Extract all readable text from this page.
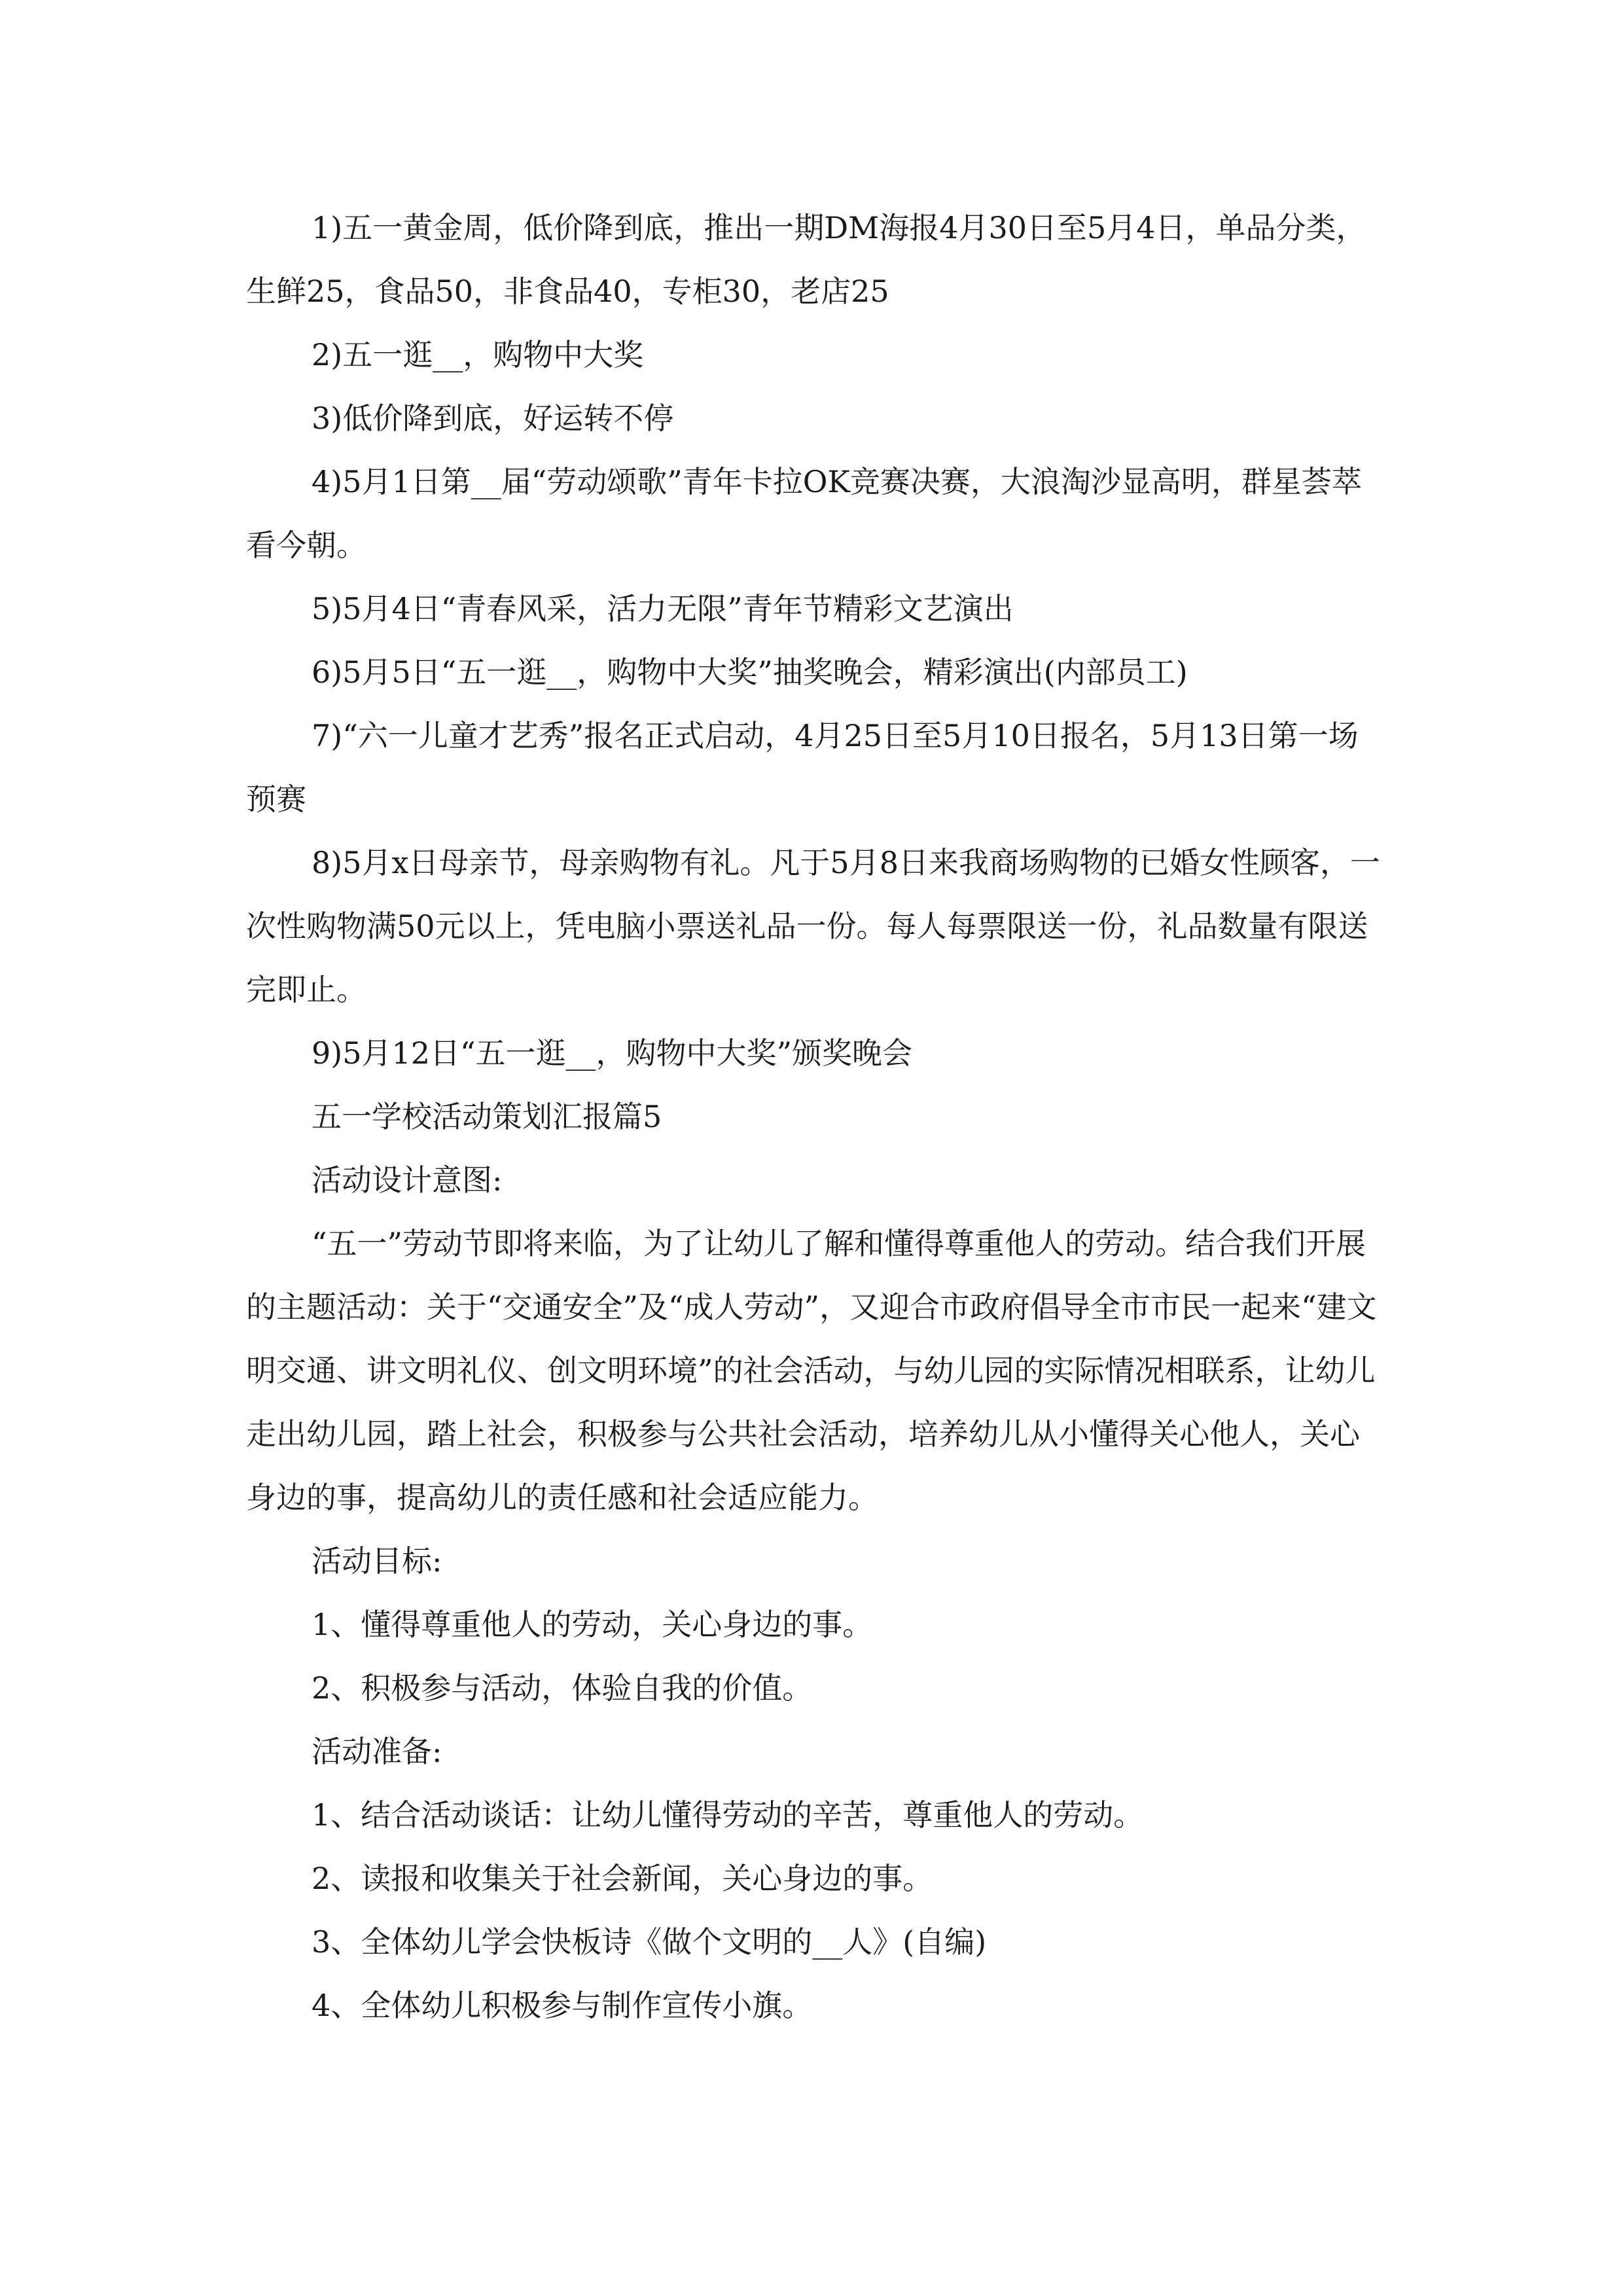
1)五一黄金周，低价降到底，推出一期DM海报4月30日至5月4日，单品分类，生鲜25，食品50，非食品40，专柜30，老店25

2)五一逛__，购物中大奖

3)低价降到底，好运转不停

4)5月1日第__届“劳动颂歌”青年卡拉OK竞赛决赛，大浪淘沙显高明，群星荟萃看今朝。

5)5月4日“青春风采，活力无限”青年节精彩文艺演出

6)5月5日“五一逛__，购物中大奖”抽奖晚会，精彩演出(内部员工)

7)“六一儿童才艺秀”报名正式启动，4月25日至5月10日报名，5月13日第一场预赛

8)5月x日母亲节，母亲购物有礼。凡于5月8日来我商场购物的已婚女性顾客，一次性购物满50元以上，凭电脑小票送礼品一份。每人每票限送一份，礼品数量有限送完即止。

9)5月12日“五一逛__，购物中大奖”颁奖晚会

五一学校活动策划汇报篇5

活动设计意图:

“五一”劳动节即将来临，为了让幼儿了解和懂得尊重他人的劳动。结合我们开展的主题活动：关于“交通安全”及“成人劳动”，又迎合市政府倡导全市市民一起来“建文明交通、讲文明礼仪、创文明环境”的社会活动，与幼儿园的实际情况相联系，让幼儿走出幼儿园，踏上社会，积极参与公共社会活动，培养幼儿从小懂得关心他人，关心身边的事，提高幼儿的责任感和社会适应能力。

活动目标:

1、懂得尊重他人的劳动，关心身边的事。

2、积极参与活动，体验自我的价值。

活动准备:

1、结合活动谈话：让幼儿懂得劳动的辛苦，尊重他人的劳动。

2、读报和收集关于社会新闻，关心身边的事。

3、全体幼儿学会快板诗《做个文明的__人》(自编)

4、全体幼儿积极参与制作宣传小旗。
